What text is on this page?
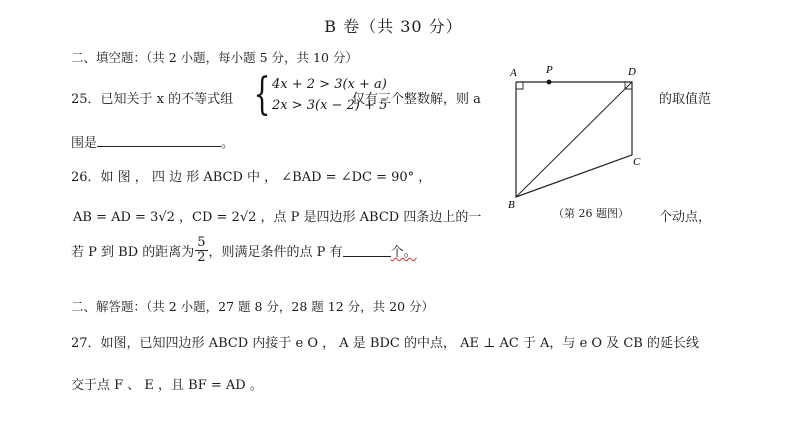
B 卷（共 30 分）
二、填空题：（共 2 小题，每小题 5 分，共 10 分）
25．已知关于 x 的不等式组 { 4x + 2 > 3(x + a)
2x > 3(x − 2) + 5
仅有三个整数解，则 a	的取值范
围是	。
26．如 图 ， 四 边 形 ABCD 中 ， ∠BAD = ∠DC = 90° ，
AB = AD = 3√2 ，CD = 2√2 ，点 P 是四边形 ABCD 四条边上的一	个动点，
若 P 到 BD 的距离为 $\frac{5}{2}$ ，则满足条件的点 P 有	个。
A	P	D
C
B
（第 26 题图）
二、解答题：（共 2 小题，27 题 8 分，28 题 12 分，共 20 分）
27．如图，已知四边形 ABCD 内接于 e O ， A 是 BDC 的中点， AE ⊥ AC 于 A，与 e O 及 CB 的延长线
交于点 F 、 E ，且 BF = AD 。
